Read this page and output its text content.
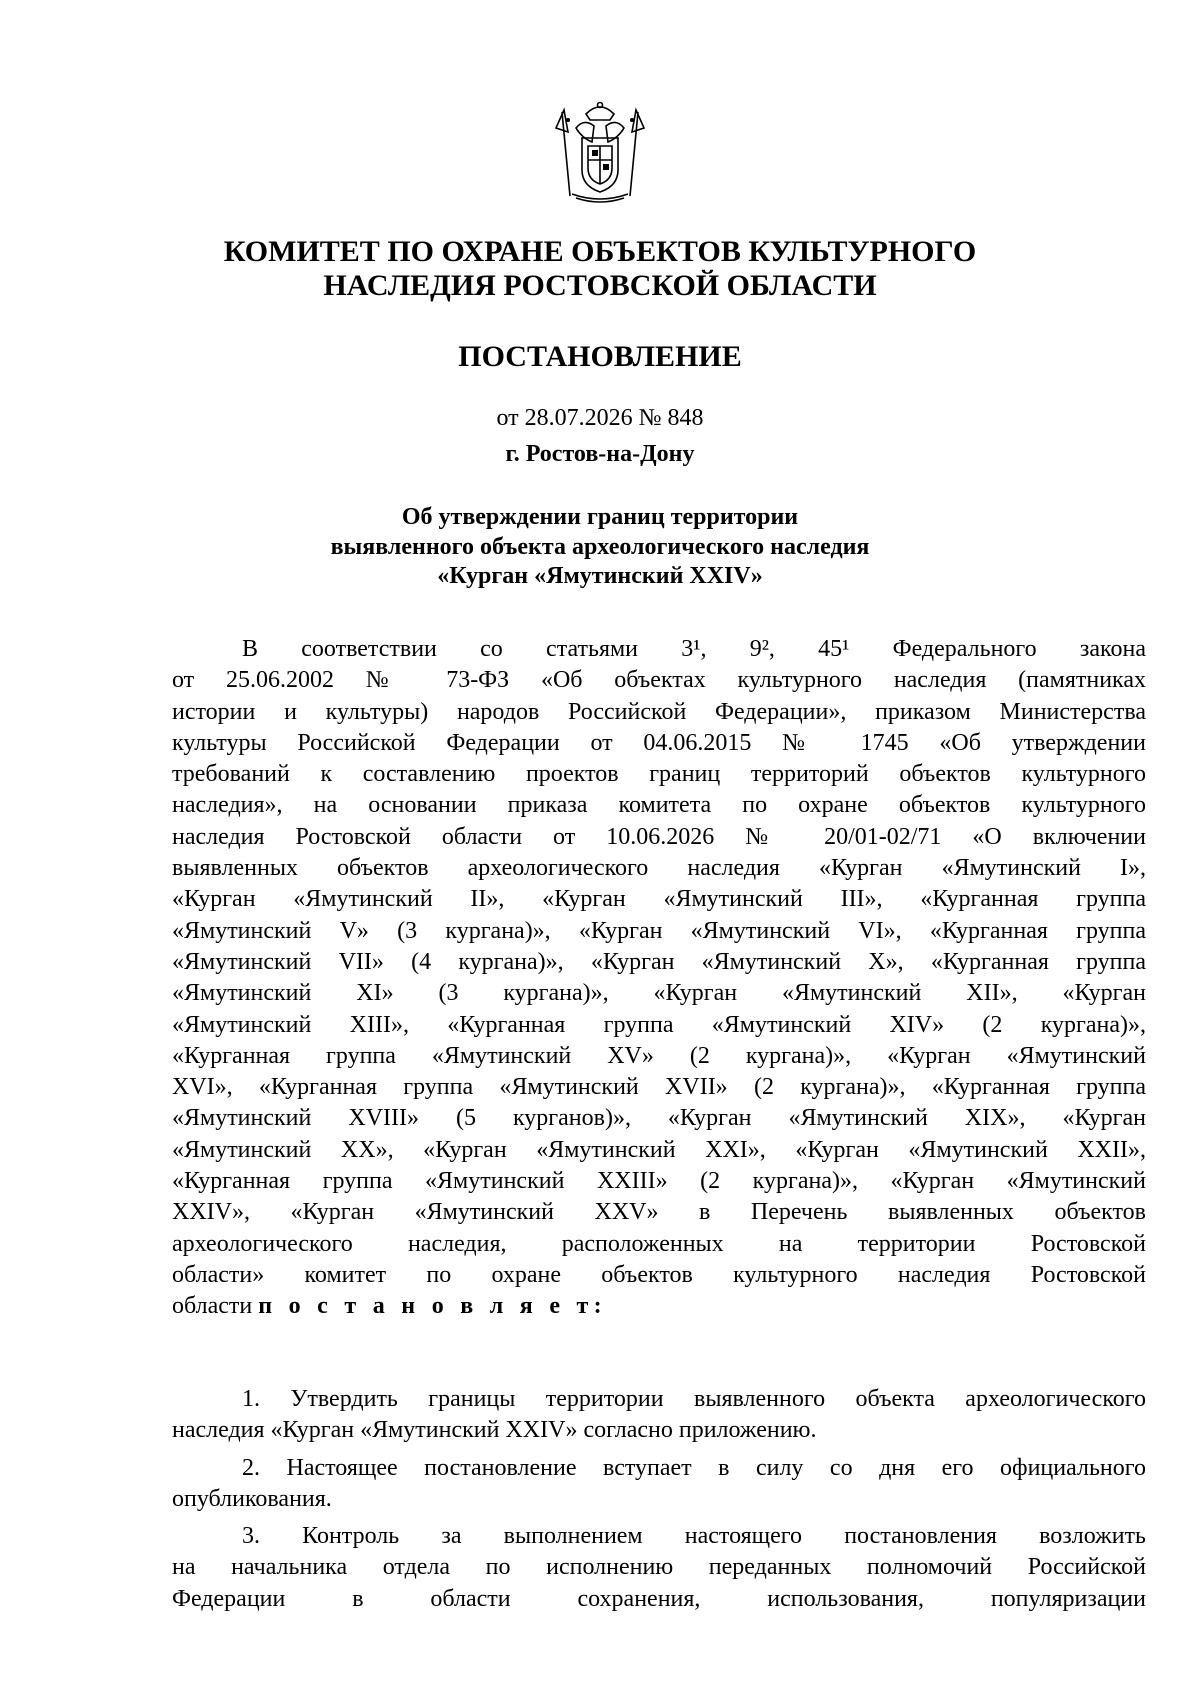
КОМИТЕТ ПО ОХРАНЕ ОБЪЕКТОВ КУЛЬТУРНОГО
НАСЛЕДИЯ РОСТОВСКОЙ ОБЛАСТИ
ПОСТАНОВЛЕНИЕ
от 28.07.2026 № 848
г. Ростов-на-Дону
Об утверждении границ территории
выявленного объекта археологического наследия
«Курган «Ямутинский XXIV»
В соответствии со статьями 3¹, 9², 45¹ Федерального закона
от 25.06.2002 № 73-ФЗ «Об объектах культурного наследия (памятниках
истории и культуры) народов Российской Федерации», приказом Министерства
культуры Российской Федерации от 04.06.2015 № 1745 «Об утверждении
требований к составлению проектов границ территорий объектов культурного
наследия», на основании приказа комитета по охране объектов культурного
наследия Ростовской области от 10.06.2026 № 20/01-02/71 «О включении
выявленных объектов археологического наследия «Курган «Ямутинский I»,
«Курган «Ямутинский II», «Курган «Ямутинский III», «Курганная группа
«Ямутинский V» (3 кургана)», «Курган «Ямутинский VI», «Курганная группа
«Ямутинский VII» (4 кургана)», «Курган «Ямутинский X», «Курганная группа
«Ямутинский XI» (3 кургана)», «Курган «Ямутинский XII», «Курган
«Ямутинский XIII», «Курганная группа «Ямутинский XIV» (2 кургана)»,
«Курганная группа «Ямутинский XV» (2 кургана)», «Курган «Ямутинский
XVI», «Курганная группа «Ямутинский XVII» (2 кургана)», «Курганная группа
«Ямутинский XVIII» (5 курганов)», «Курган «Ямутинский XIX», «Курган
«Ямутинский XX», «Курган «Ямутинский XXI», «Курган «Ямутинский XXII»,
«Курганная группа «Ямутинский XXIII» (2 кургана)», «Курган «Ямутинский
XXIV», «Курган «Ямутинский XXV» в Перечень выявленных объектов
археологического наследия, расположенных на территории Ростовской
области» комитет по охране объектов культурного наследия Ростовской
области п о с т а н о в л я е т:
1. Утвердить границы территории выявленного объекта археологического
наследия «Курган «Ямутинский XXIV» согласно приложению.
2. Настоящее постановление вступает в силу со дня его официального
опубликования.
3. Контроль за выполнением настоящего постановления возложить
на начальника отдела по исполнению переданных полномочий Российской
Федерации в области сохранения, использования, популяризации
